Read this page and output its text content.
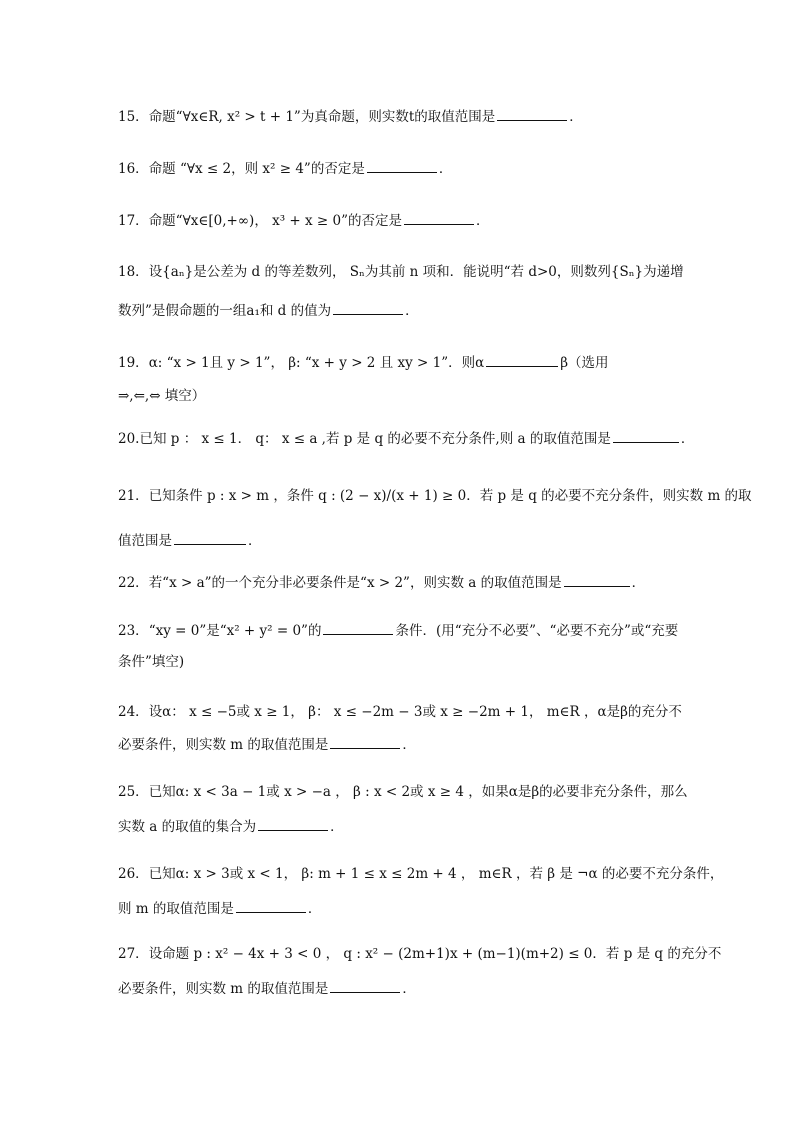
15．命题“∀x∈R, x² > t + 1”为真命题，则实数t的取值范围是	．
16．命题 “∀x ≤ 2，则 x² ≥ 4”的否定是	．
17．命题“∀x∈[0,+∞)， x³ + x ≥ 0”的否定是	．
18．设{aₙ}是公差为 d 的等差数列， Sₙ为其前 n 项和．能说明“若 d>0，则数列{Sₙ}为递增
数列”是假命题的一组a₁和 d 的值为	．
19．α: “x > 1且 y > 1”， β: “x + y > 2 且 xy > 1”．则α	β（选用
⇒,⇐,⇔ 填空）
20.已知 p ： x ≤ 1． q： x ≤ a ,若 p 是 q 的必要不充分条件,则 a 的取值范围是	．
21．已知条件 p : x > m ，条件 q : (2 − x)/(x + 1) ≥ 0．若 p 是 q 的必要不充分条件，则实数 m 的取
值范围是	．
22．若“x > a”的一个充分非必要条件是“x > 2”，则实数 a 的取值范围是	．
23．“xy = 0”是“x² + y² = 0”的	条件．(用“充分不必要”、“必要不充分”或“充要
条件”填空)
24．设α： x ≤ −5或 x ≥ 1， β： x ≤ −2m − 3或 x ≥ −2m + 1， m∈R ，α是β的充分不
必要条件，则实数 m 的取值范围是	．
25．已知α: x < 3a − 1或 x > −a ， β : x < 2或 x ≥ 4 ，如果α是β的必要非充分条件，那么
实数 a 的取值的集合为	．
26．已知α: x > 3或 x < 1， β: m + 1 ≤ x ≤ 2m + 4 ， m∈R ，若 β 是 ¬α 的必要不充分条件，
则 m 的取值范围是	．
27．设命题 p : x² − 4x + 3 < 0 ， q : x² − (2m+1)x + (m−1)(m+2) ≤ 0．若 p 是 q 的充分不
必要条件，则实数 m 的取值范围是	．
